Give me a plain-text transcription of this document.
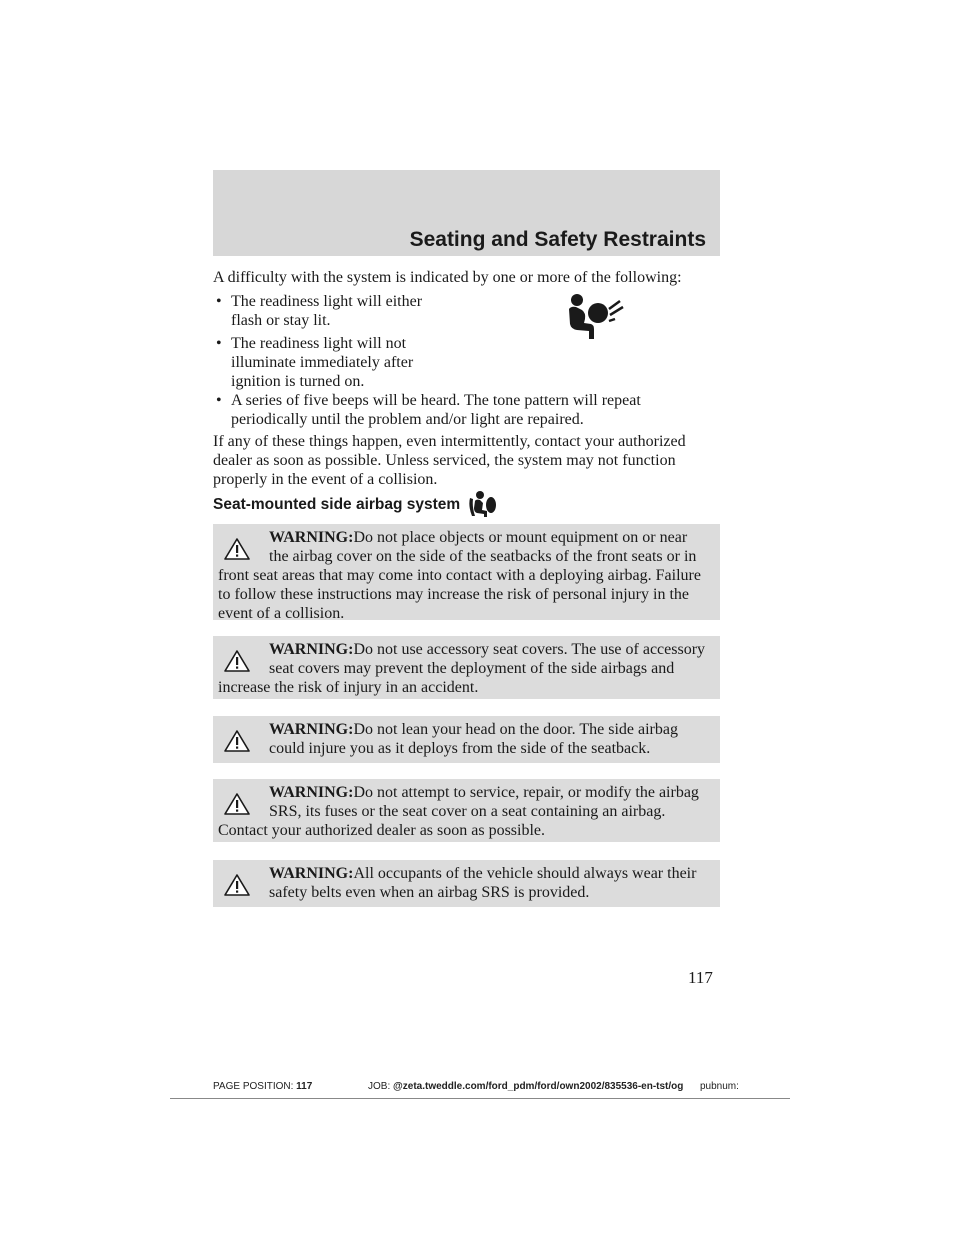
Seating and Safety Restraints
A difficulty with the system is indicated by one or more of the following:
• The readiness light will either flash or stay lit.
• The readiness light will not illuminate immediately after ignition is turned on.
• A series of five beeps will be heard. The tone pattern will repeat periodically until the problem and/or light are repaired.
If any of these things happen, even intermittently, contact your authorized dealer as soon as possible. Unless serviced, the system may not function properly in the event of a collision.
Seat-mounted side airbag system
WARNING:Do not place objects or mount equipment on or near the airbag cover on the side of the seatbacks of the front seats or in front seat areas that may come into contact with a deploying airbag. Failure to follow these instructions may increase the risk of personal injury in the event of a collision.
WARNING:Do not use accessory seat covers. The use of accessory seat covers may prevent the deployment of the side airbags and increase the risk of injury in an accident.
WARNING:Do not lean your head on the door. The side airbag could injure you as it deploys from the side of the seatback.
WARNING:Do not attempt to service, repair, or modify the airbag SRS, its fuses or the seat cover on a seat containing an airbag. Contact your authorized dealer as soon as possible.
WARNING:All occupants of the vehicle should always wear their safety belts even when an airbag SRS is provided.
117
PAGE POSITION: 117	JOB: @zeta.tweddle.com/ford_pdm/ford/own2002/835536-en-tst/og pubnum:
